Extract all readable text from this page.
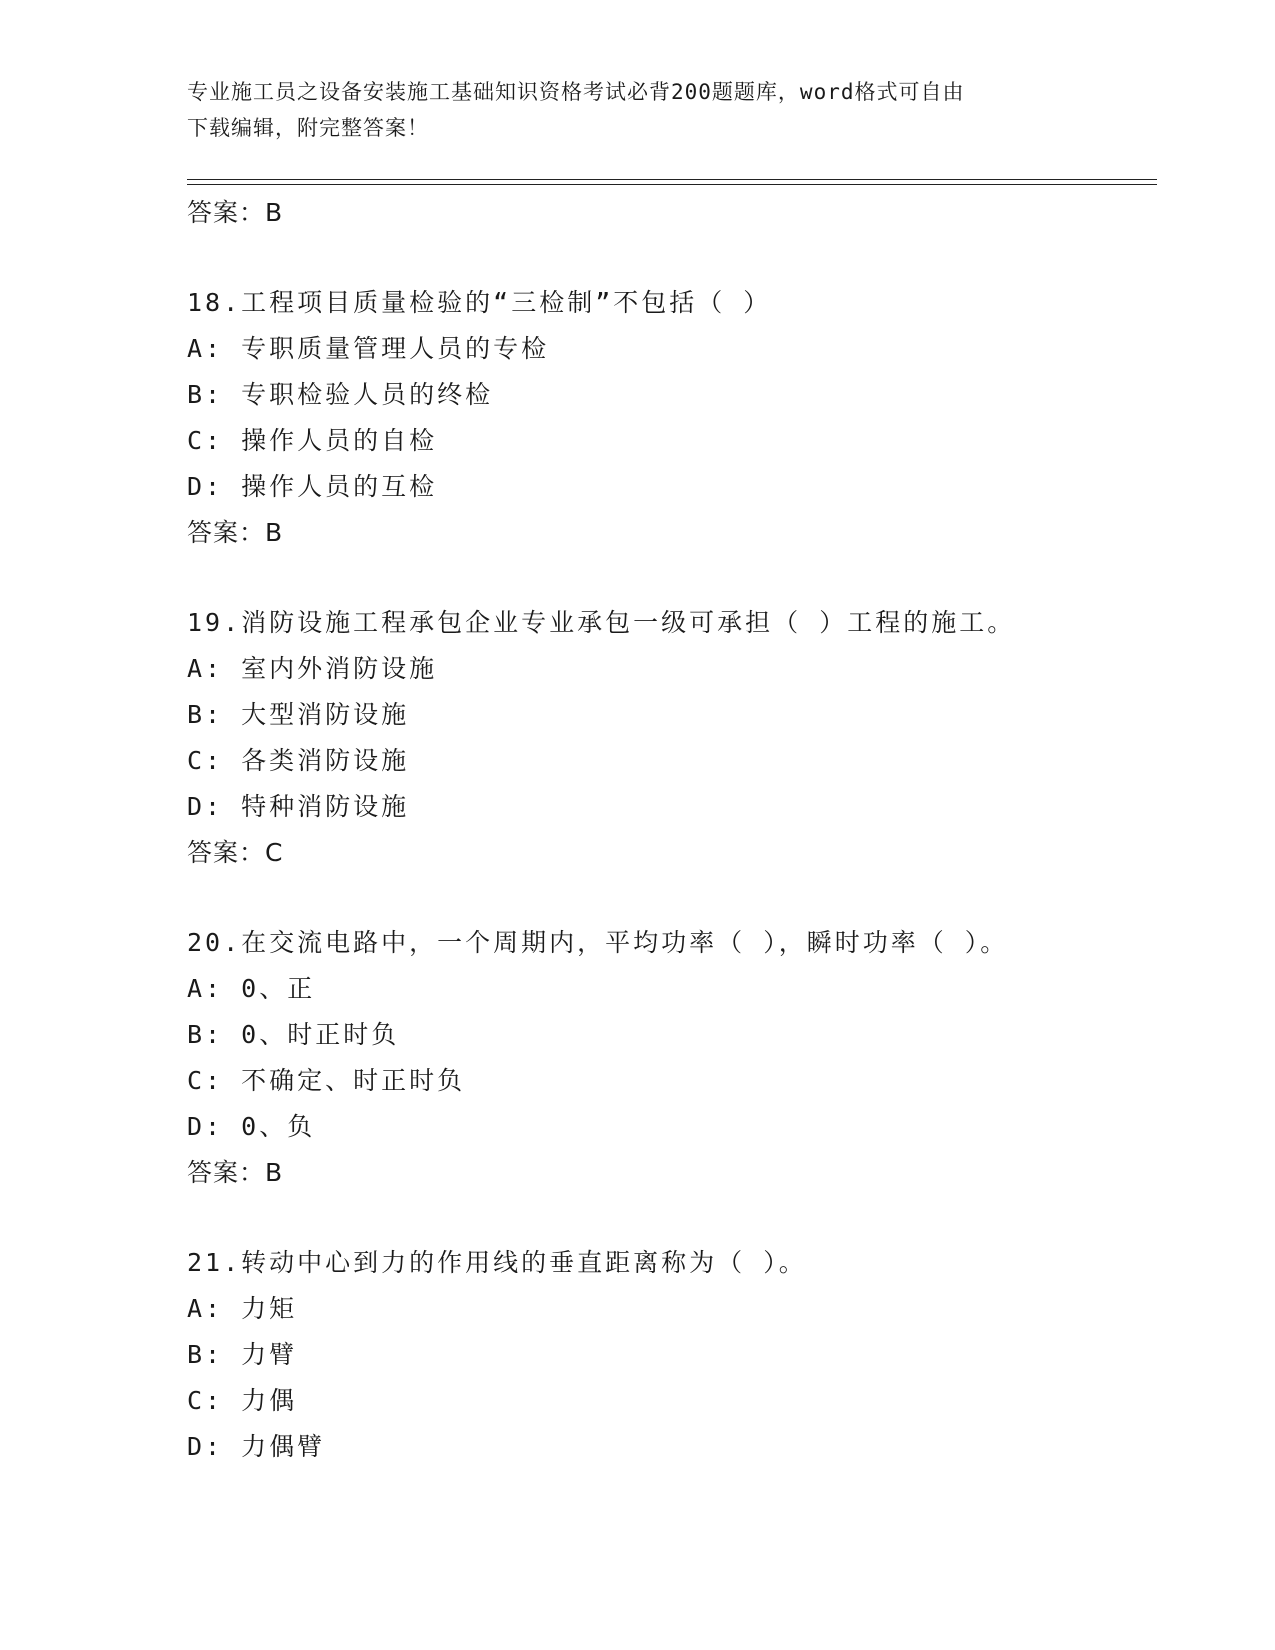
专业施工员之设备安装施工基础知识资格考试必背200题题库，word格式可自由
下载编辑，附完整答案！
答案：B
18.工程项目质量检验的“三检制”不包括（ ）
A: 专职质量管理人员的专检
B: 专职检验人员的终检
C: 操作人员的自检
D: 操作人员的互检
答案：B
19.消防设施工程承包企业专业承包一级可承担（ ）工程的施工。
A: 室内外消防设施
B: 大型消防设施
C: 各类消防设施
D: 特种消防设施
答案：C
20.在交流电路中，一个周期内，平均功率（ ），瞬时功率（ ）。
A: 0、正
B: 0、时正时负
C: 不确定、时正时负
D: 0、负
答案：B
21.转动中心到力的作用线的垂直距离称为（ ）。
A: 力矩
B: 力臂
C: 力偶
D: 力偶臂
